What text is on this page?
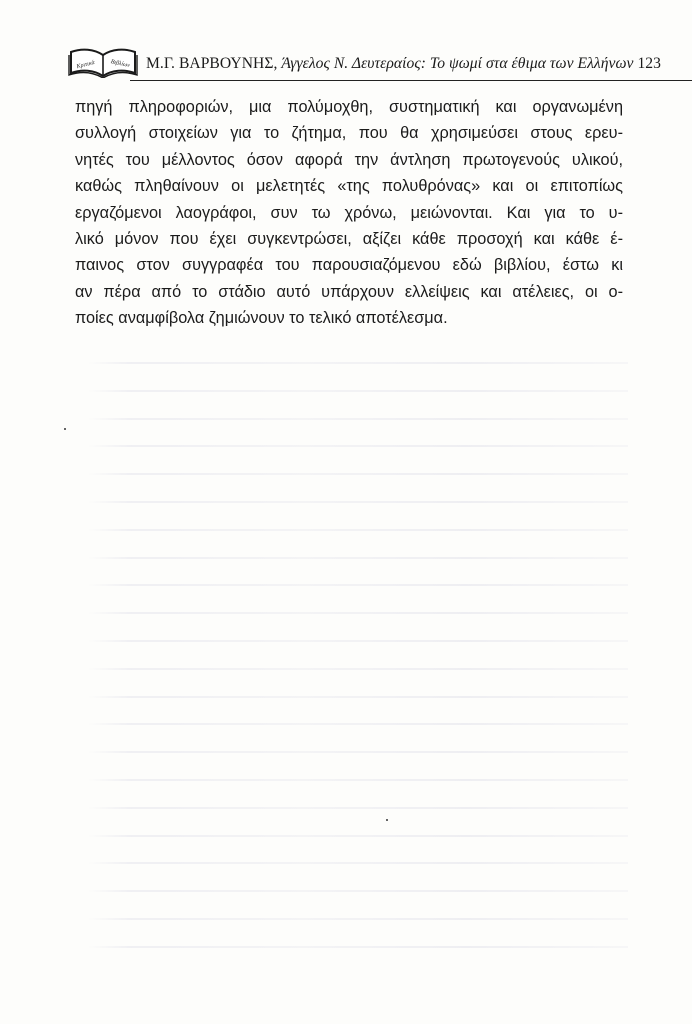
Κριτικά Βιβλίων Μ.Γ. ΒΑΡΒΟΥΝΗΣ, Άγγελος Ν. Δευτεραίος: Το ψωμί στα έθιμα των Ελλήνων 123
πηγή πληροφοριών, μια πολύμοχθη, συστηματική και οργανωμένη
συλλογή στοιχείων για το ζήτημα, που θα χρησιμεύσει στους ερευ-
νητές του μέλλοντος όσον αφορά την άντληση πρωτογενούς υλικού,
καθώς πληθαίνουν οι μελετητές «της πολυθρόνας» και οι επιτοπίως
εργαζόμενοι λαογράφοι, συν τω χρόνω, μειώνονται. Και για το υ-
λικό μόνον που έχει συγκεντρώσει, αξίζει κάθε προσοχή και κάθε έ-
παινος στον συγγραφέα του παρουσιαζόμενου εδώ βιβλίου, έστω κι
αν πέρα από το στάδιο αυτό υπάρχουν ελλείψεις και ατέλειες, οι ο-
ποίες αναμφίβολα ζημιώνουν το τελικό αποτέλεσμα.
